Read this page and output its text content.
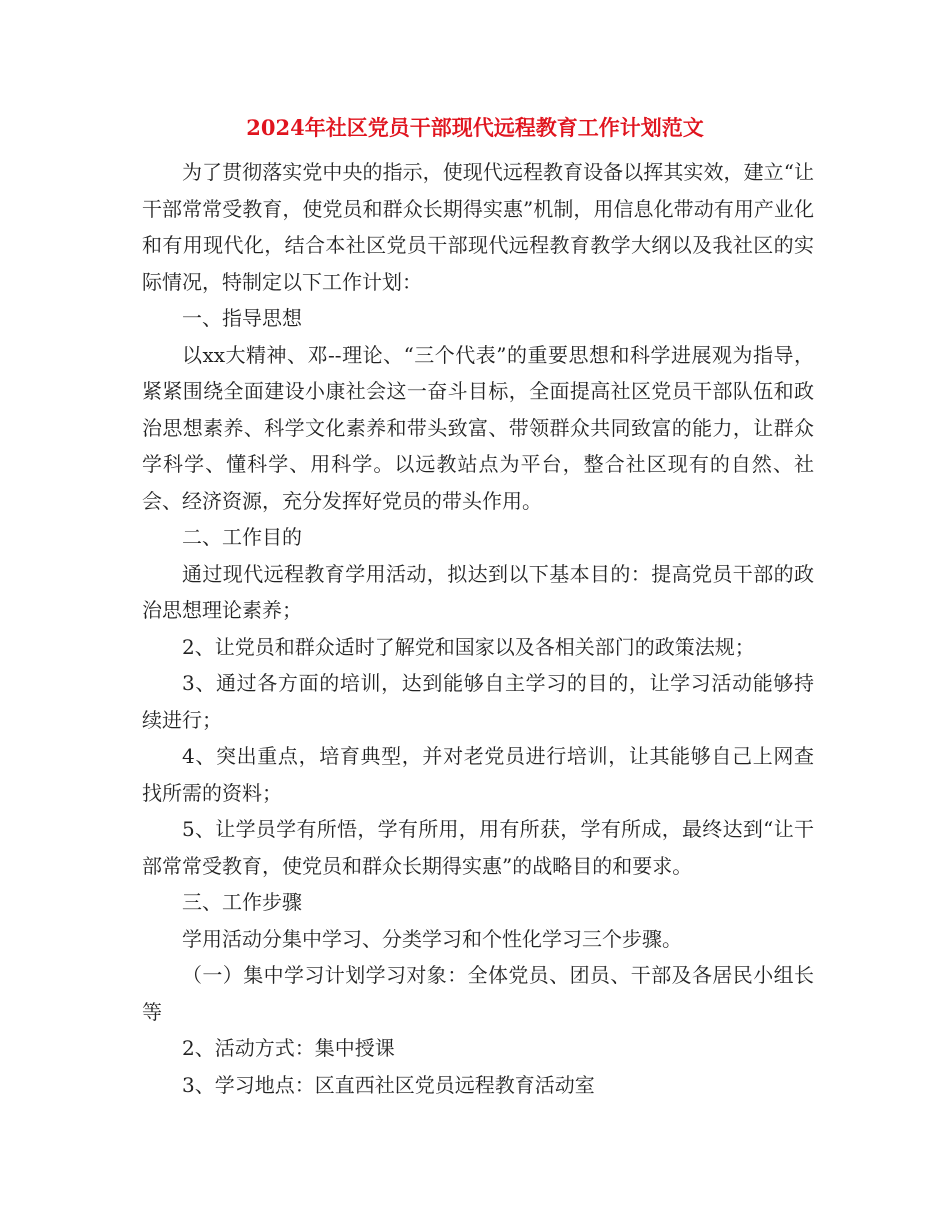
2024年社区党员干部现代远程教育工作计划范文

为了贯彻落实党中央的指示，使现代远程教育设备以挥其实效，建立“让干部常常受教育，使党员和群众长期得实惠”机制，用信息化带动有用产业化和有用现代化，结合本社区党员干部现代远程教育教学大纲以及我社区的实际情况，特制定以下工作计划：

一、指导思想

以xx大精神、邓--理论、“三个代表”的重要思想和科学进展观为指导，紧紧围绕全面建设小康社会这一奋斗目标，全面提高社区党员干部队伍和政治思想素养、科学文化素养和带头致富、带领群众共同致富的能力，让群众学科学、懂科学、用科学。以远教站点为平台，整合社区现有的自然、社会、经济资源，充分发挥好党员的带头作用。

二、工作目的

通过现代远程教育学用活动，拟达到以下基本目的：提高党员干部的政治思想理论素养；

2、让党员和群众适时了解党和国家以及各相关部门的政策法规；

3、通过各方面的培训，达到能够自主学习的目的，让学习活动能够持续进行；

4、突出重点，培育典型，并对老党员进行培训，让其能够自己上网查找所需的资料；

5、让学员学有所悟，学有所用，用有所获，学有所成，最终达到“让干部常常受教育，使党员和群众长期得实惠”的战略目的和要求。

三、工作步骤

学用活动分集中学习、分类学习和个性化学习三个步骤。

（一）集中学习计划学习对象：全体党员、团员、干部及各居民小组长等

2、活动方式：集中授课

3、学习地点：区直西社区党员远程教育活动室
